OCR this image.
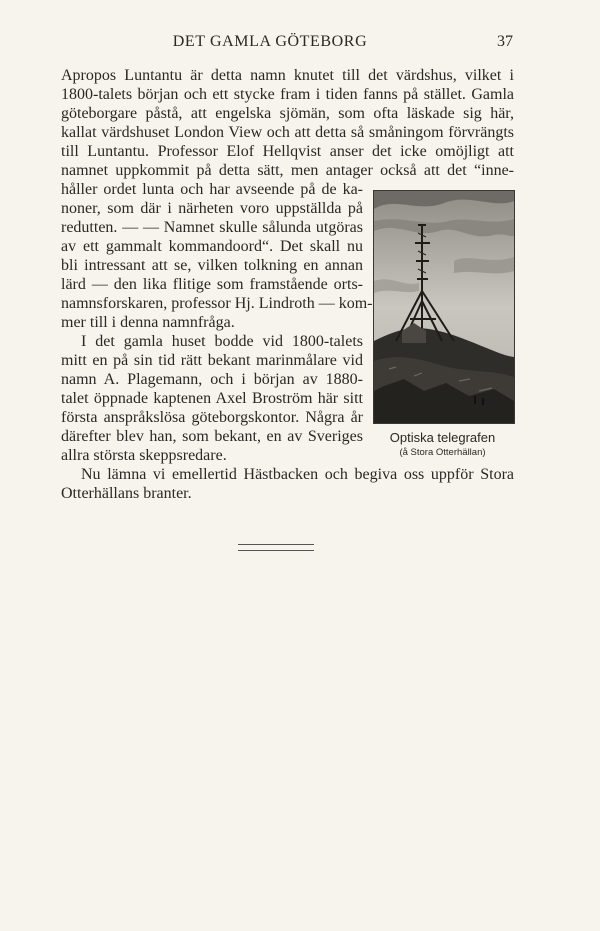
DET GAMLA GÖTEBORG	37
Apropos Luntantu är detta namn knutet till det värdshus, vilket i
1800-talets början och ett stycke fram i tiden fanns på stället. Gamla
göteborgare påstå, att engelska sjömän, som ofta läskade sig här,
kallat värdshuset London View och att detta så småningom förvrängts
till Luntantu. Professor Elof Hellqvist anser det icke omöjligt att
namnet uppkommit på detta sätt, men antager också att det “inne-
håller ordet lunta och har avseende på de ka-
noner, som där i närheten voro uppställda på
redutten. — — Namnet skulle sålunda utgöras
av ett gammalt kommandoord“. Det skall nu
bli intressant att se, vilken tolkning en annan
lärd — den lika flitige som framstående orts-
namnsforskaren, professor Hj. Lindroth — kom-
mer till i denna namnfråga.
I det gamla huset bodde vid 1800-talets
mitt en på sin tid rätt bekant marinmålare vid
namn A. Plagemann, och i början av 1880-
talet öppnade kaptenen Axel Broström här sitt
första anspråkslösa göteborgskontor. Några år
därefter blev han, som bekant, en av Sveriges
allra största skeppsredare.
Nu lämna vi emellertid Hästbacken och begiva oss uppför Stora
Otterhällans branter.
Optiska telegrafen
(å Stora Otterhällan)
